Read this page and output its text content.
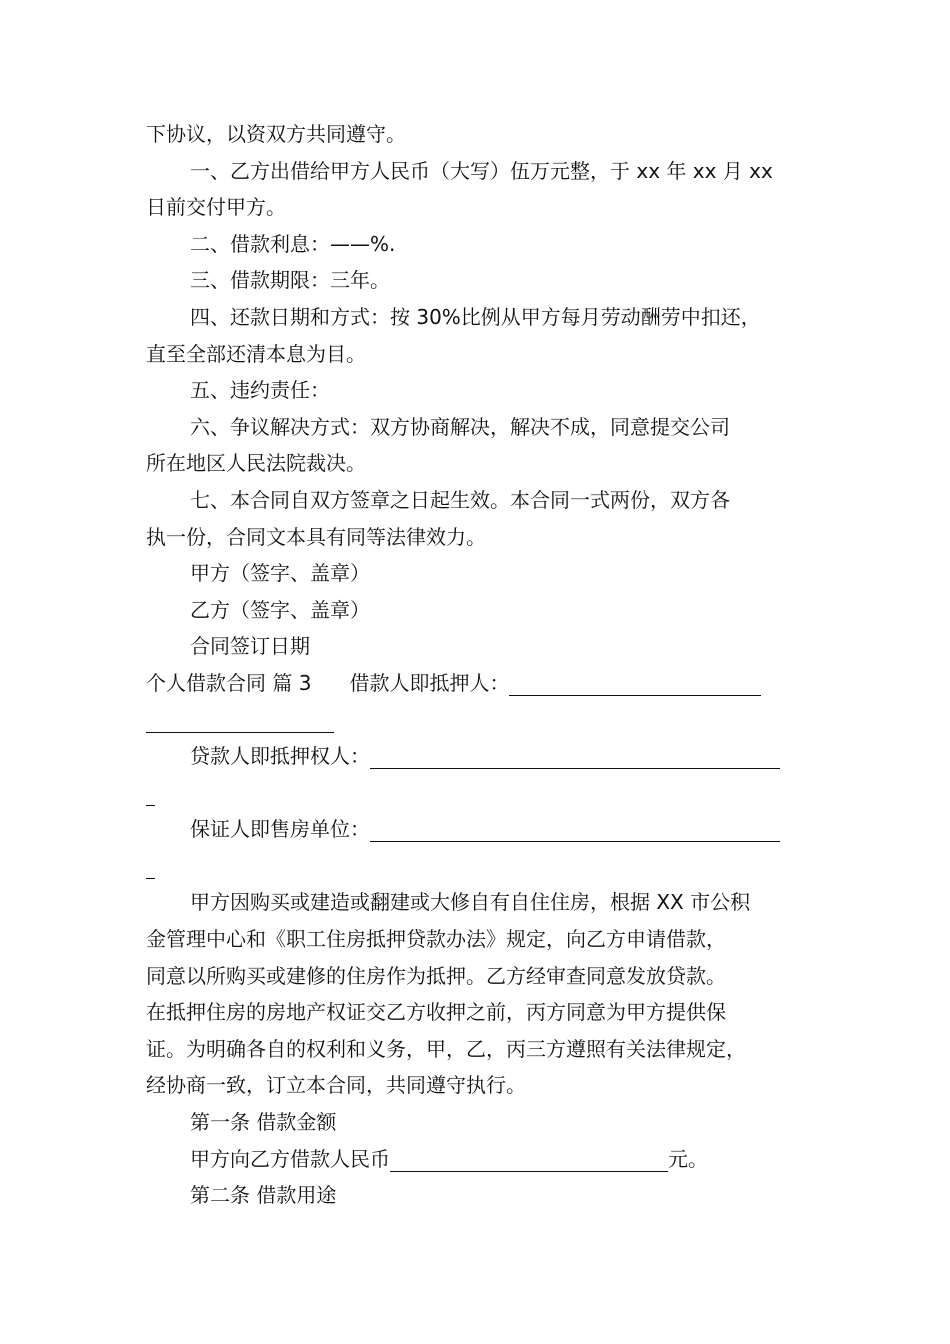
下协议，以资双方共同遵守。
一、乙方出借给甲方人民币（大写）伍万元整，于 xx 年 xx 月 xx
日前交付甲方。
二、借款利息：——%.
三、借款期限：三年。
四、还款日期和方式：按 30%比例从甲方每月劳动酬劳中扣还，
直至全部还清本息为目。
五、违约责任：
六、争议解决方式：双方协商解决，解决不成，同意提交公司
所在地区人民法院裁决。
七、本合同自双方签章之日起生效。本合同一式两份，双方各
执一份，合同文本具有同等法律效力。
甲方（签字、盖章）
乙方（签字、盖章）
合同签订日期
个人借款合同 篇 3 借款人即抵押人：
贷款人即抵押权人：
保证人即售房单位：
甲方因购买或建造或翻建或大修自有自住住房，根据 XX 市公积
金管理中心和《职工住房抵押贷款办法》规定，向乙方申请借款，
同意以所购买或建修的住房作为抵押。乙方经审查同意发放贷款。
在抵押住房的房地产权证交乙方收押之前，丙方同意为甲方提供保
证。为明确各自的权利和义务，甲，乙，丙三方遵照有关法律规定，
经协商一致，订立本合同，共同遵守执行。
第一条 借款金额
甲方向乙方借款人民币	元。
第二条 借款用途
